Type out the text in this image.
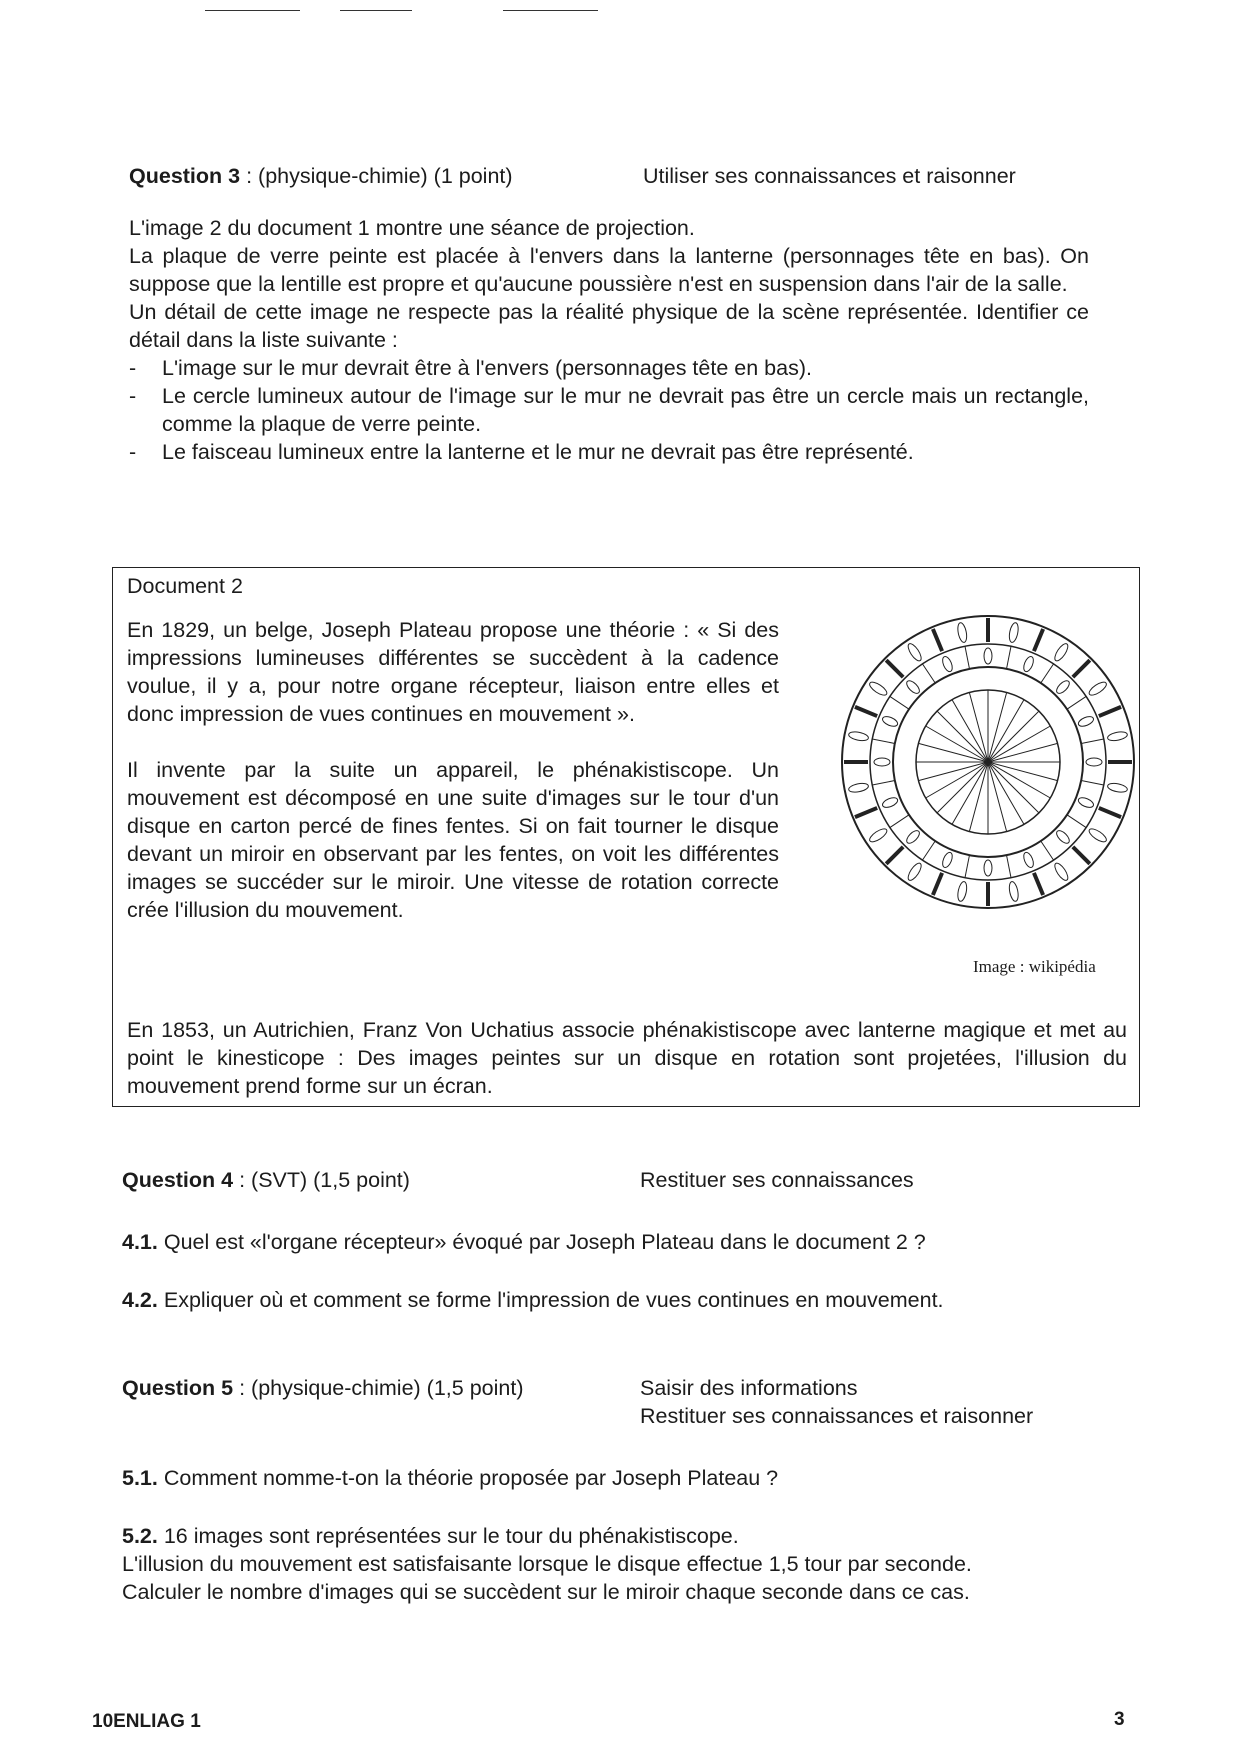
Question 3 : (physique-chimie) (1 point)	Utiliser ses connaissances et raisonner

L'image 2 du document 1 montre une séance de projection.

La plaque de verre peinte est placée à l'envers dans la lanterne (personnages tête en bas). On suppose que la lentille est propre et qu'aucune poussière n'est en suspension dans l'air de la salle.

Un détail de cette image ne respecte pas la réalité physique de la scène représentée. Identifier ce détail dans la liste suivante :

- L'image sur le mur devrait être à l'envers (personnages tête en bas).
- Le cercle lumineux autour de l'image sur le mur ne devrait pas être un cercle mais un rectangle, comme la plaque de verre peinte.
- Le faisceau lumineux entre la lanterne et le mur ne devrait pas être représenté.
Document 2

En 1829, un belge, Joseph Plateau propose une théorie : « Si des impressions lumineuses différentes se succèdent à la cadence voulue, il y a, pour notre organe récepteur, liaison entre elles et donc impression de vues continues en mouvement ».

Il invente par la suite un appareil, le phénakistiscope. Un mouvement est décomposé en une suite d'images sur le tour d'un disque en carton percé de fines fentes. Si on fait tourner le disque devant un miroir en observant par les fentes, on voit les différentes images se succéder sur le miroir. Une vitesse de rotation correcte crée l'illusion du mouvement.

Image : wikipédia
En 1853, un Autrichien, Franz Von Uchatius associe phénakistiscope avec lanterne magique et met au point le kinesticope : Des images peintes sur un disque en rotation sont projetées, l'illusion du mouvement prend forme sur un écran.
Question 4 : (SVT) (1,5 point)	Restituer ses connaissances
4.1. Quel est «l'organe récepteur» évoqué par Joseph Plateau dans le document 2 ?
4.2. Expliquer où et comment se forme l'impression de vues continues en mouvement.
Question 5 : (physique-chimie) (1,5 point)	Saisir des informations
Restituer ses connaissances et raisonner
5.1. Comment nomme-t-on la théorie proposée par Joseph Plateau ?
5.2. 16 images sont représentées sur le tour du phénakistiscope.
L'illusion du mouvement est satisfaisante lorsque le disque effectue 1,5 tour par seconde.
Calculer le nombre d'images qui se succèdent sur le miroir chaque seconde dans ce cas.
10ENLIAG 1	3
